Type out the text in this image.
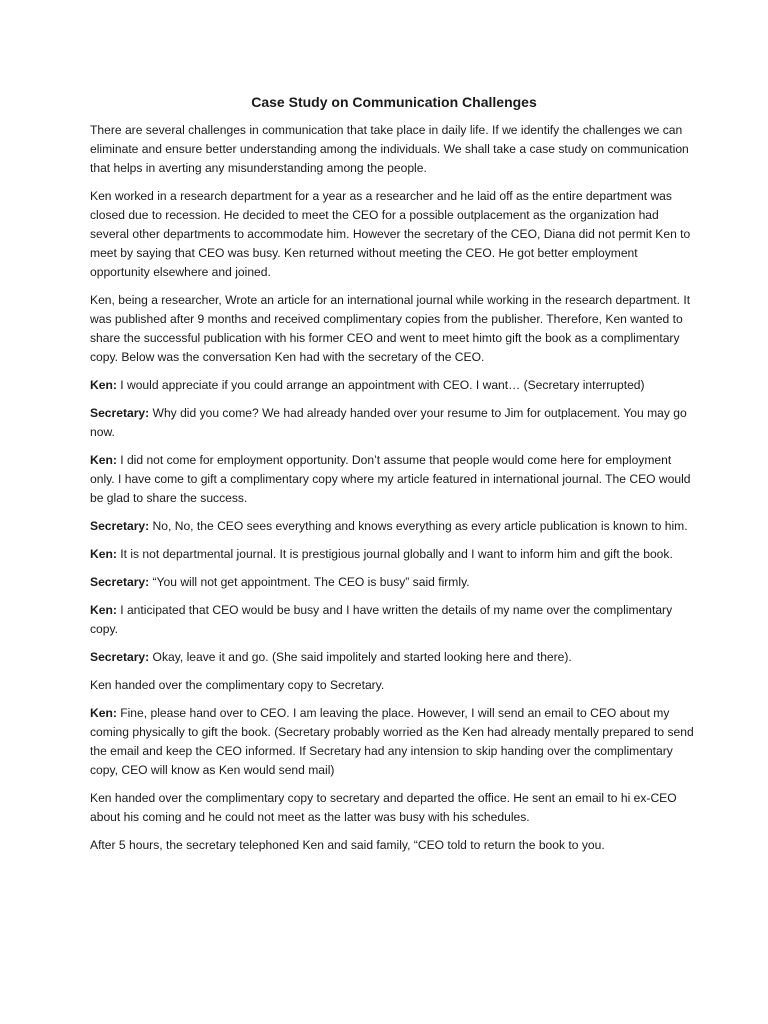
Case Study on Communication Challenges

There are several challenges in communication that take place in daily life. If we identify the challenges we can eliminate and ensure better understanding among the individuals. We shall take a case study on communication that helps in averting any misunderstanding among the people.

Ken worked in a research department for a year as a researcher and he laid off as the entire department was closed due to recession. He decided to meet the CEO for a possible outplacement as the organization had several other departments to accommodate him. However the secretary of the CEO, Diana did not permit Ken to meet by saying that CEO was busy. Ken returned without meeting the CEO. He got better employment opportunity elsewhere and joined.

Ken, being a researcher, Wrote an article for an international journal while working in the research department. It was published after 9 months and received complimentary copies from the publisher. Therefore, Ken wanted to share the successful publication with his former CEO and went to meet himto gift the book as a complimentary copy. Below was the conversation Ken had with the secretary of the CEO.

Ken: I would appreciate if you could arrange an appointment with CEO. I want… (Secretary interrupted)

Secretary: Why did you come? We had already handed over your resume to Jim for outplacement. You may go now.

Ken: I did not come for employment opportunity. Don’t assume that people would come here for employment only. I have come to gift a complimentary copy where my article featured in international journal. The CEO would be glad to share the success.

Secretary: No, No, the CEO sees everything and knows everything as every article publication is known to him.

Ken: It is not departmental journal. It is prestigious journal globally and I want to inform him and gift the book.

Secretary: “You will not get appointment. The CEO is busy” said firmly.

Ken: I anticipated that CEO would be busy and I have written the details of my name over the complimentary copy.

Secretary: Okay, leave it and go. (She said impolitely and started looking here and there).

Ken handed over the complimentary copy to Secretary.

Ken: Fine, please hand over to CEO. I am leaving the place. However, I will send an email to CEO about my coming physically to gift the book. (Secretary probably worried as the Ken had already mentally prepared to send the email and keep the CEO informed. If Secretary had any intension to skip handing over the complimentary copy, CEO will know as Ken would send mail)

Ken handed over the complimentary copy to secretary and departed the office. He sent an email to hi ex-CEO about his coming and he could not meet as the latter was busy with his schedules.

After 5 hours, the secretary telephoned Ken and said family, “CEO told to return the book to you.
